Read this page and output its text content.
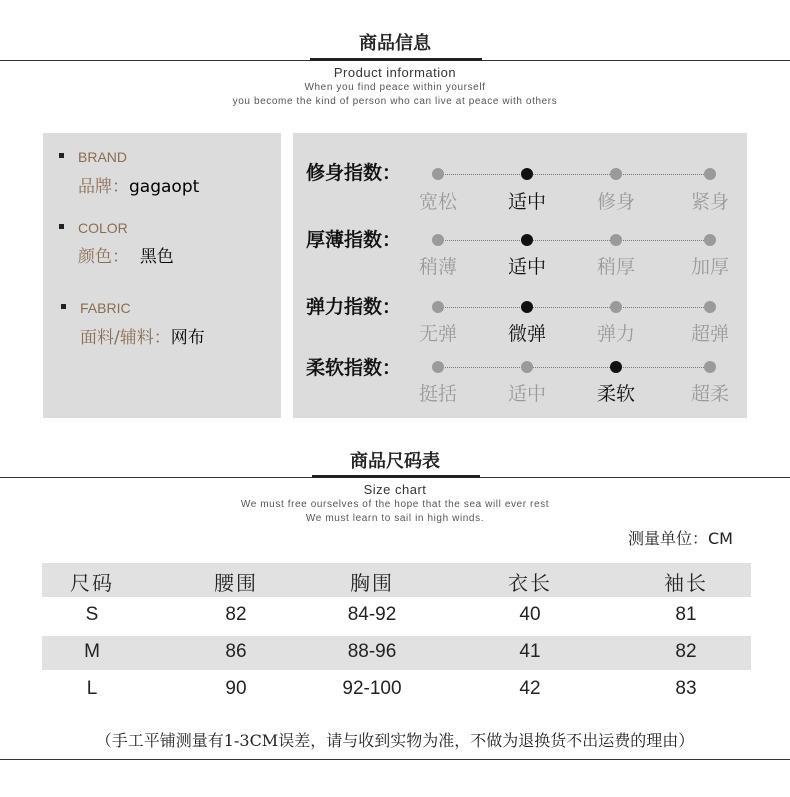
商品信息
Product information
When you find peace within yourself
you become the kind of person who can live at peace with others
BRAND
品牌：gagaopt
COLOR
颜色： 黑色
FABRIC
面料/辅料：网布
修身指数：
宽松	适中	修身	紧身
厚薄指数：
稍薄	适中	稍厚	加厚
弹力指数：
无弹	微弹	弹力	超弹
柔软指数：
挺括	适中	柔软	超柔
商品尺码表
Size chart
We must free ourselves of the hope that the sea will ever rest
We must learn to sail in high winds.
测量单位：CM
尺码	腰围	胸围	衣长	袖长
S	82	84-92	40	81
M	86	88-96	41	82
L	90	92-100	42	83
（手工平铺测量有1-3CM误差，请与收到实物为准，不做为退换货不出运费的理由）
